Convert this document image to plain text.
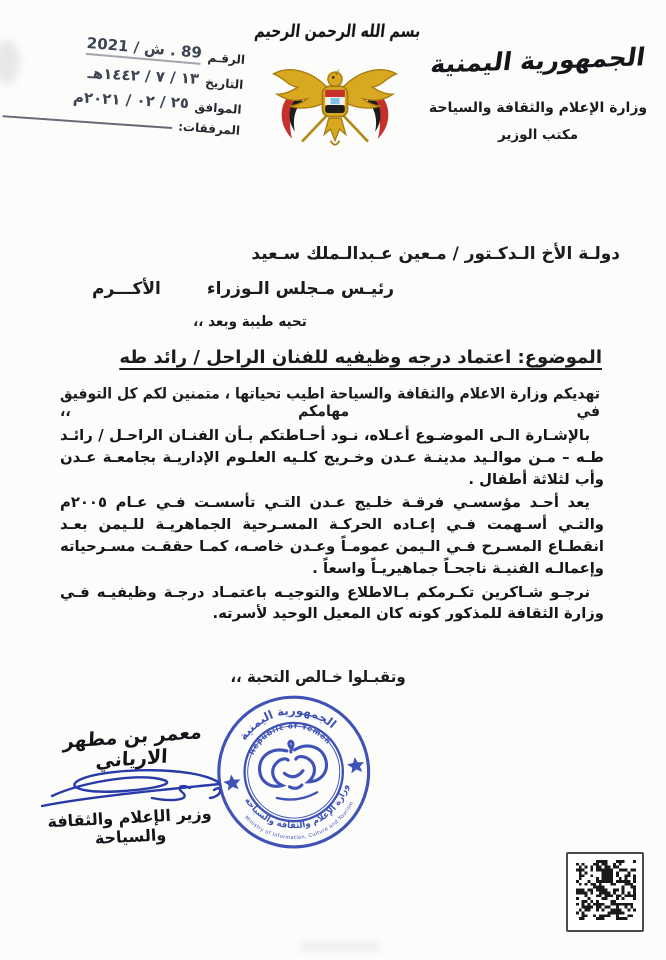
الرقـم
89 . ش / 2021
التاريخ
١٣ / ٧ / ١٤٤٢هـ
الموافق
٢٥ / ٠٢ / ٢٠٢١م
المرفقات:
بسم الله الرحمن الرحيم
الجمهورية اليمنية
وزارة الإعلام والثقافة والسياحة
مكتب الوزير
دولـة الأخ الـدكـتور / مـعين عـبدالـملك سـعيد
رئيـس مـجلس الـوزراء
الأكـــرم
تحيه طيبة وبعد ،،
الموضوع: اعتماد درجه وظيفيه للفنان الراحل / رائد طه
تهديكم وزارة الاعلام والثقافة والسياحة اطيب تحياتها ، متمنين لكم كل التوفيق في مهامكم ،،

بالإشـارة الـى الموضـوع أعـلاه، نـود أحـاطتكم بـأن الفنـان الراحـل / رائـد طـه – مـن موالـيد مدينـة عـدن وخـريج كلـيه العلـوم الإداريـة بجامعـة عـدن وأب لثلاثة أطفال .

يعد أحـد مؤسسـي فرقـة خلـيج عـدن التـي تأسسـت فـي عـام ٢٠٠٥م والتـي أسـهمت فـي إعـاده الحركـة المسـرحية الجماهريـة للـيمن بعـد انقطـاع المسـرح فـي الـيمن عمومـاً وعـدن خاصـه، كمـا حققـت مسـرحياته وإعمالـه الفنيـة ناجحـاً جماهيريـاً واسعاً .

نرجـو شـاكرين تكـرمكم بـالاطلاع والتوجيـه باعتمـاد درجـة وظيفيـه فـي وزارة الثقافة للمذكور كونه كان المعيل الوحيد لأسرته.

وتقبـلوا خـالص التحبة ،،
معمر بن مطهر الارياني
وزير الإعلام والثقافة والسياحة
الجمهورية اليمنية
Republic of Yemen
وزارة الإعلام والثقافة والسياحة
Ministry of Information, Culture and Tourism
